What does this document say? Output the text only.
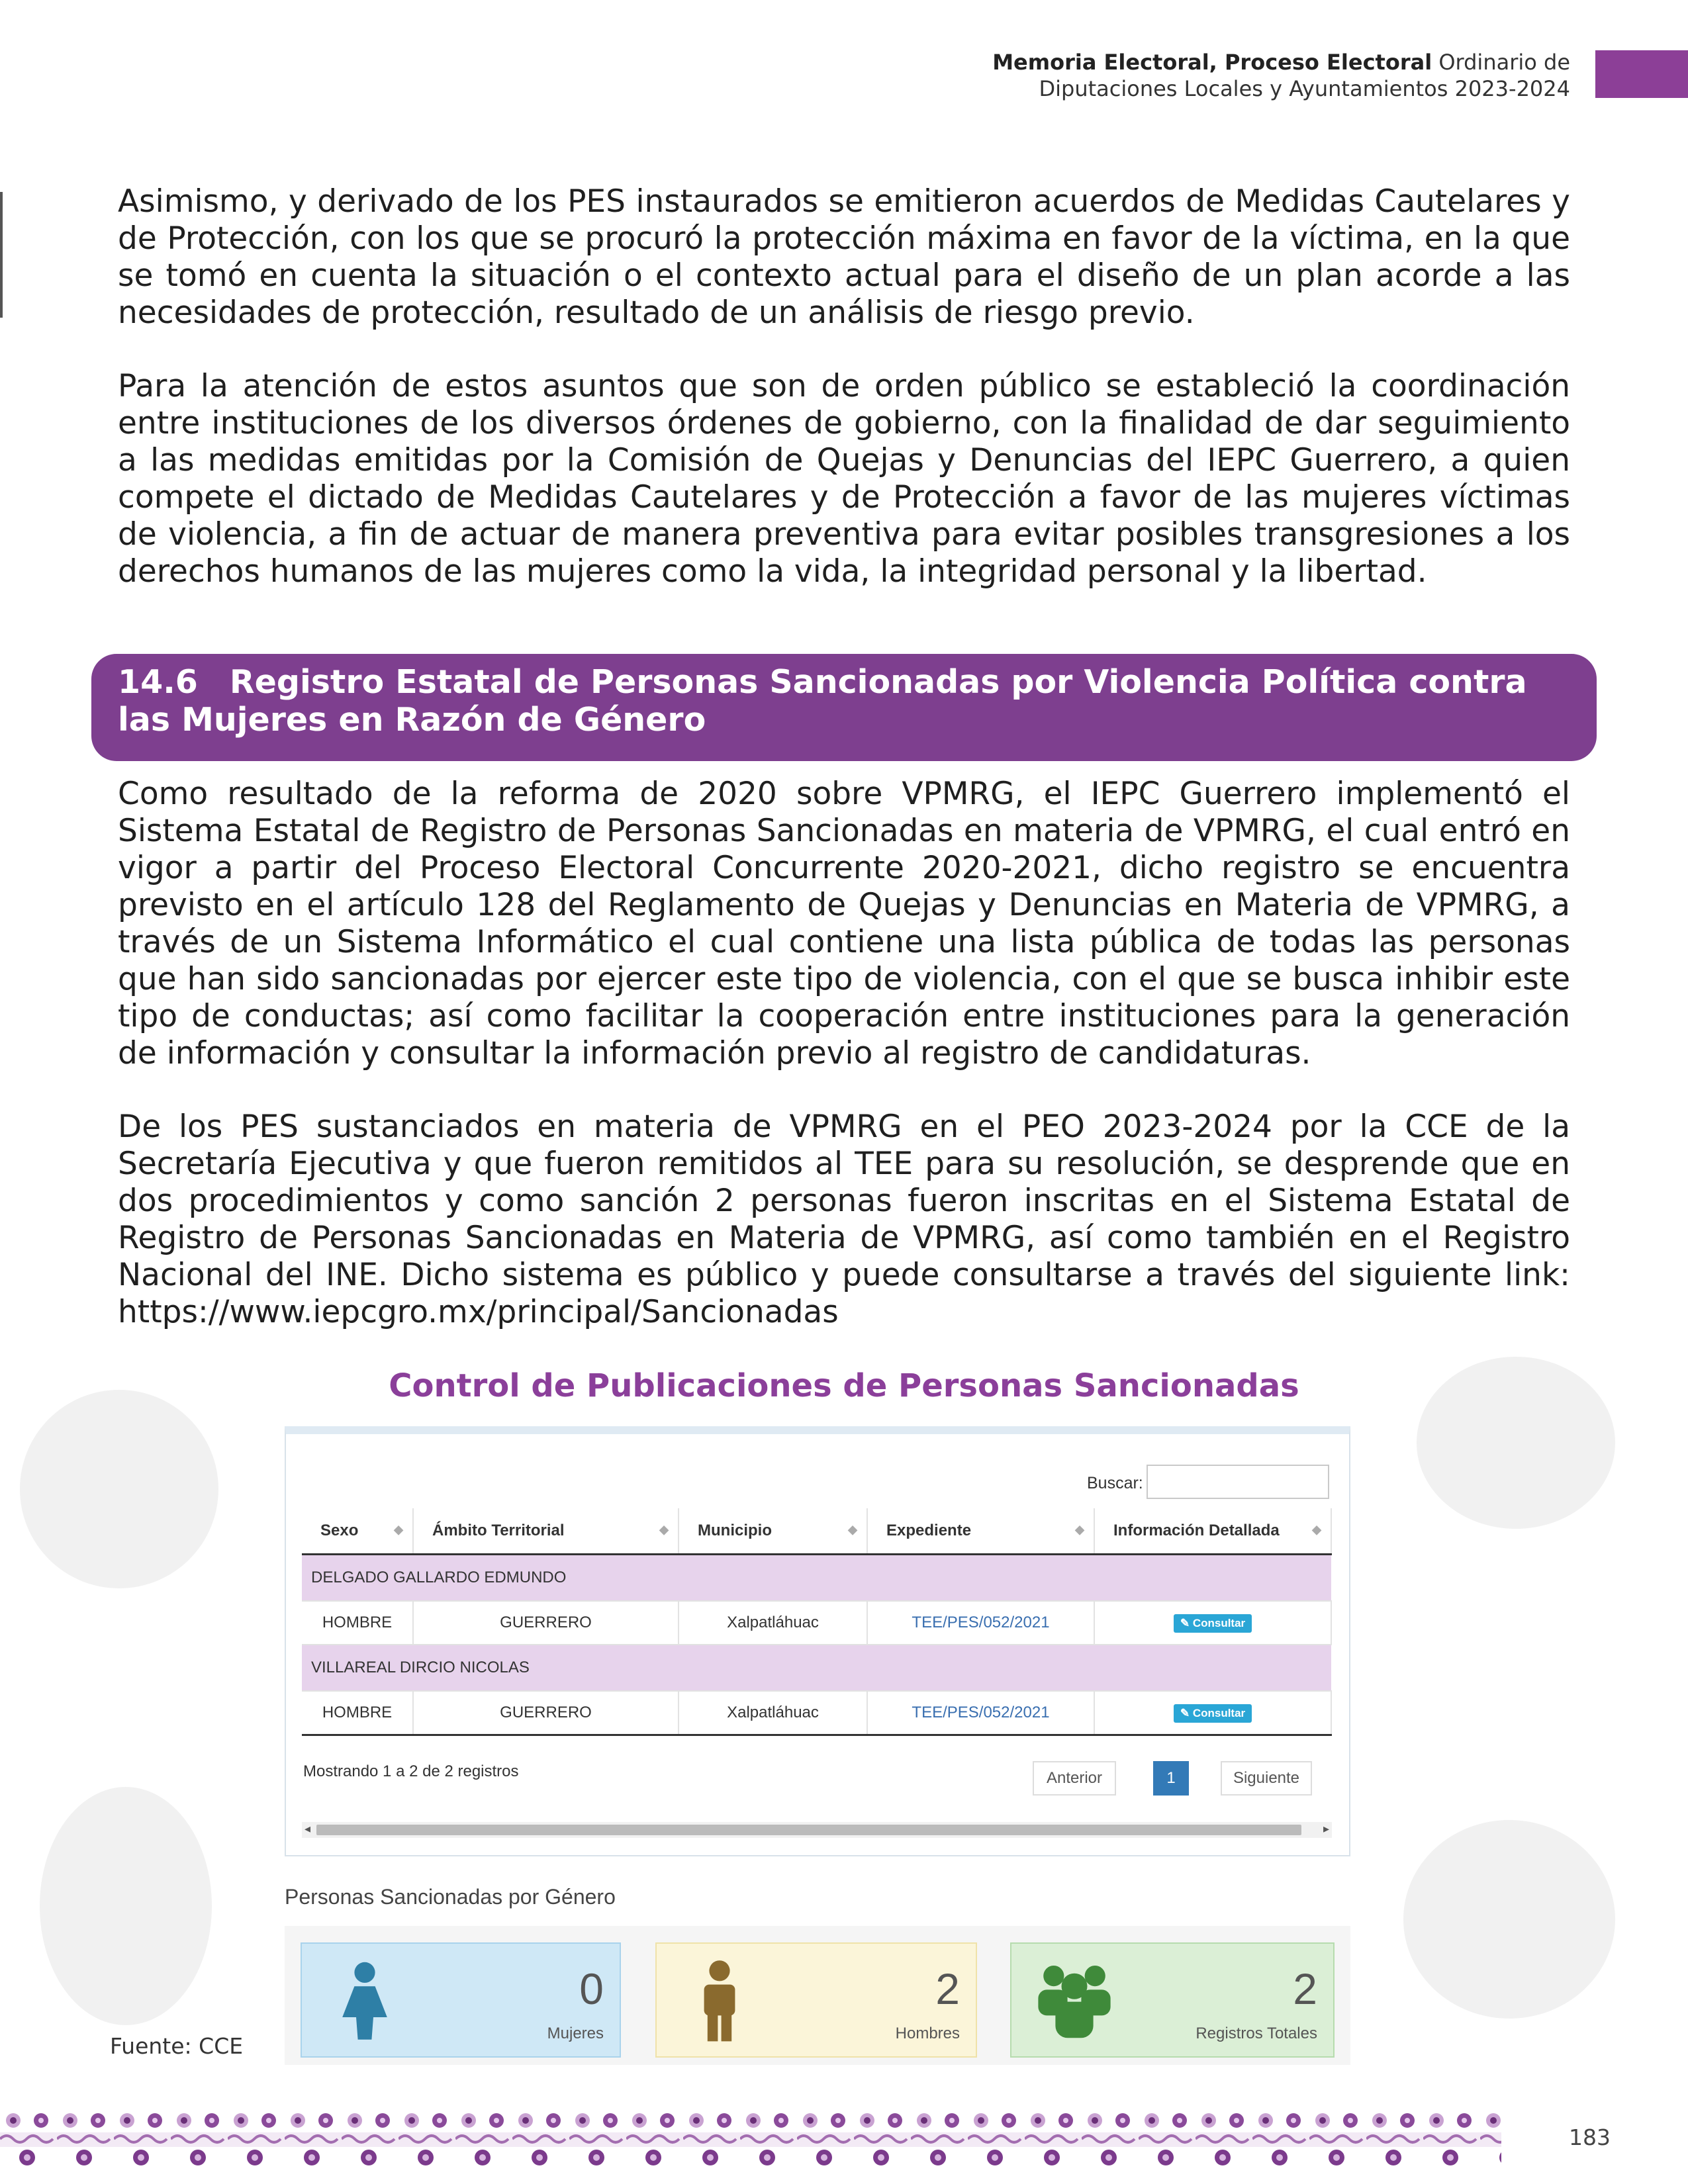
Memoria Electoral, Proceso Electoral Ordinario de
Diputaciones Locales y Ayuntamientos 2023-2024

Asimismo, y derivado de los PES instaurados se emitieron acuerdos de Medidas Cautelares y de Protección, con los que se procuró la protección máxima en favor de la víctima, en la que se tomó en cuenta la situación o el contexto actual para el diseño de un plan acorde a las necesidades de protección, resultado de un análisis de riesgo previo.

Para la atención de estos asuntos que son de orden público se estableció la coordinación entre instituciones de los diversos órdenes de gobierno, con la finalidad de dar seguimiento a las medidas emitidas por la Comisión de Quejas y Denuncias del IEPC Guerrero, a quien compete el dictado de Medidas Cautelares y de Protección a favor de las mujeres víctimas de violencia, a fin de actuar de manera preventiva para evitar posibles transgresiones a los derechos humanos de las mujeres como la vida, la integridad personal y la libertad.

14.6 Registro Estatal de Personas Sancionadas por Violencia Política contra las Mujeres en Razón de Género

Como resultado de la reforma de 2020 sobre VPMRG, el IEPC Guerrero implementó el Sistema Estatal de Registro de Personas Sancionadas en materia de VPMRG, el cual entró en vigor a partir del Proceso Electoral Concurrente 2020-2021, dicho registro se encuentra previsto en el artículo 128 del Reglamento de Quejas y Denuncias en Materia de VPMRG, a través de un Sistema Informático el cual contiene una lista pública de todas las personas que han sido sancionadas por ejercer este tipo de violencia, con el que se busca inhibir este tipo de conductas; así como facilitar la cooperación entre instituciones para la generación de información y consultar la información previo al registro de candidaturas.

De los PES sustanciados en materia de VPMRG en el PEO 2023-2024 por la CCE de la Secretaría Ejecutiva y que fueron remitidos al TEE para su resolución, se desprende que en dos procedimientos y como sanción 2 personas fueron inscritas en el Sistema Estatal de Registro de Personas Sancionadas en Materia de VPMRG, así como también en el Registro Nacional del INE. Dicho sistema es público y puede consultarse a través del siguiente link: https://www.iepcgro.mx/principal/Sancionadas

Control de Publicaciones de Personas Sancionadas
Buscar:
Sexo ◆	Ámbito Territorial ◆	Municipio ◆	Expediente ◆	Información Detallada ◆

DELGADO GALLARDO EDMUNDO				
HOMBRE	GUERRERO	Xalpatláhuac	TEE/PES/052/2021	✎ Consultar
VILLAREAL DIRCIO NICOLAS				
HOMBRE	GUERRERO	Xalpatláhuac	TEE/PES/052/2021	✎ Consultar
Mostrando 1 a 2 de 2 registros	Anterior	1	Siguiente
◂	▸
Personas Sancionadas por Género
0
Mujeres
2
Hombres
2
Registros Totales
Fuente: CCE
183
